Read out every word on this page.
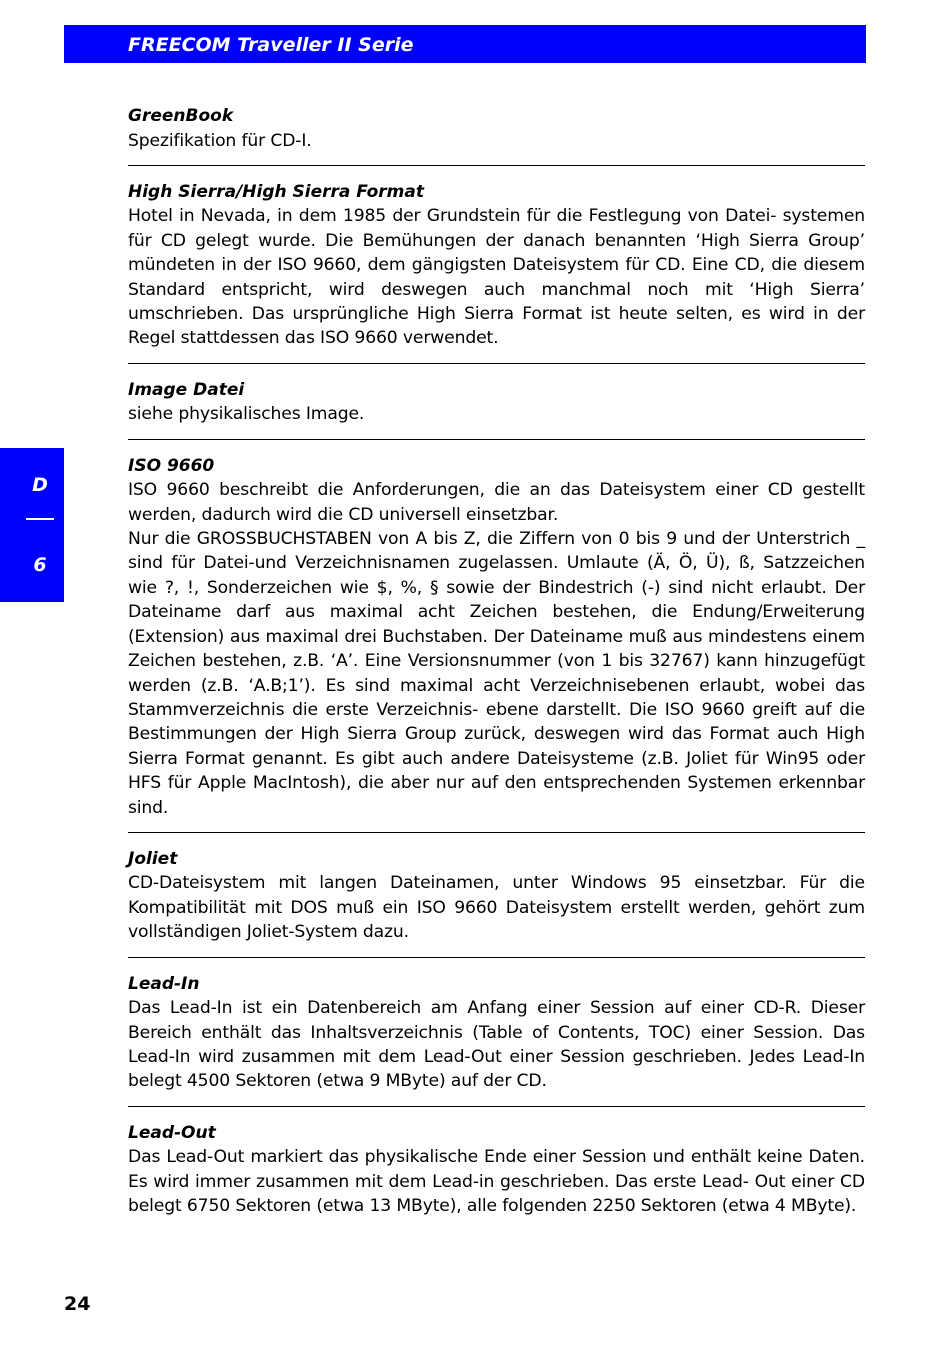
FREECOM Traveller II Serie
D
6

GreenBook

Spezifikation für CD-I.

High Sierra/High Sierra Format

Hotel in Nevada, in dem 1985 der Grundstein für die Festlegung von Datei- systemen für CD gelegt wurde. Die Bemühungen der danach benannten ‘High Sierra Group’ mündeten in der ISO 9660, dem gängigsten Dateisystem für CD. Eine CD, die diesem Standard entspricht, wird deswegen auch manchmal noch mit ‘High Sierra’ umschrieben. Das ursprüngliche High Sierra Format ist heute selten, es wird in der Regel stattdessen das ISO 9660 verwendet.

Image Datei

siehe physikalisches Image.

ISO 9660

ISO 9660 beschreibt die Anforderungen, die an das Dateisystem einer CD gestellt werden, dadurch wird die CD universell einsetzbar.

Nur die GROSSBUCHSTABEN von A bis Z, die Ziffern von 0 bis 9 und der Unterstrich _ sind für Datei-und Verzeichnisnamen zugelassen. Umlaute (Ä, Ö, Ü), ß, Satzzeichen wie ?, !, Sonderzeichen wie $, %, § sowie der Bindestrich (-) sind nicht erlaubt. Der Dateiname darf aus maximal acht Zeichen bestehen, die Endung/Erweiterung (Extension) aus maximal drei Buchstaben. Der Dateiname muß aus mindestens einem Zeichen bestehen, z.B. ‘A’. Eine Versionsnummer (von 1 bis 32767) kann hinzugefügt werden (z.B. ‘A.B;1’). Es sind maximal acht Verzeichnisebenen erlaubt, wobei das Stammverzeichnis die erste Verzeichnis- ebene darstellt. Die ISO 9660 greift auf die Bestimmungen der High Sierra Group zurück, deswegen wird das Format auch High Sierra Format genannt. Es gibt auch andere Dateisysteme (z.B. Joliet für Win95 oder HFS für Apple MacIntosh), die aber nur auf den entsprechenden Systemen erkennbar sind.

Joliet

CD-Dateisystem mit langen Dateinamen, unter Windows 95 einsetzbar. Für die Kompatibilität mit DOS muß ein ISO 9660 Dateisystem erstellt werden, gehört zum vollständigen Joliet-System dazu.

Lead-In

Das Lead-In ist ein Datenbereich am Anfang einer Session auf einer CD-R. Dieser Bereich enthält das Inhaltsverzeichnis (Table of Contents, TOC) einer Session. Das Lead-In wird zusammen mit dem Lead-Out einer Session geschrieben. Jedes Lead-In belegt 4500 Sektoren (etwa 9 MByte) auf der CD.

Lead-Out

Das Lead-Out markiert das physikalische Ende einer Session und enthält keine Daten. Es wird immer zusammen mit dem Lead-in geschrieben. Das erste Lead- Out einer CD belegt 6750 Sektoren (etwa 13 MByte), alle folgenden 2250 Sektoren (etwa 4 MByte).

24
